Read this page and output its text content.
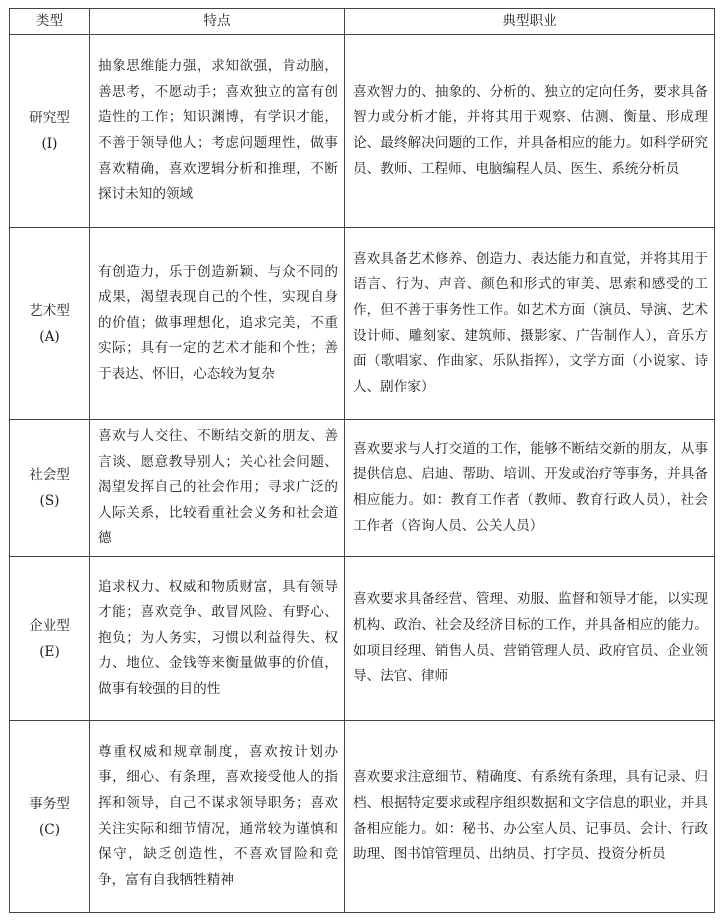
类型	特点	典型职业

研究型
(I)	抽象思维能力强，求知欲强，肯动脑，善思考，不愿动手；喜欢独立的富有创造性的工作；知识渊博，有学识才能，不善于领导他人；考虑问题理性，做事喜欢精确，喜欢逻辑分析和推理，不断探讨未知的领域	喜欢智力的、抽象的、分析的、独立的定向任务，要求具备智力或分析才能，并将其用于观察、估测、衡量、形成理论、最终解决问题的工作，并具备相应的能力。如科学研究员、教师、工程师、电脑编程人员、医生、系统分析员

艺术型
(A)	有创造力，乐于创造新颖、与众不同的成果，渴望表现自己的个性，实现自身的价值；做事理想化，追求完美，不重实际；具有一定的艺术才能和个性；善于表达、怀旧，心态较为复杂	喜欢具备艺术修养、创造力、表达能力和直觉，并将其用于语言、行为、声音、颜色和形式的审美、思索和感受的工作，但不善于事务性工作。如艺术方面（演员、导演、艺术设计师、雕刻家、建筑师、摄影家、广告制作人），音乐方面（歌唱家、作曲家、乐队指挥），文学方面（小说家、诗人、剧作家）

社会型
(S)	喜欢与人交往、不断结交新的朋友、善言谈、愿意教导别人；关心社会问题、渴望发挥自己的社会作用；寻求广泛的人际关系，比较看重社会义务和社会道德	喜欢要求与人打交道的工作，能够不断结交新的朋友，从事提供信息、启迪、帮助、培训、开发或治疗等事务，并具备相应能力。如：教育工作者（教师、教育行政人员），社会工作者（咨询人员、公关人员）

企业型
(E)	追求权力、权威和物质财富，具有领导才能；喜欢竞争、敢冒风险、有野心、抱负；为人务实，习惯以利益得失、权力、地位、金钱等来衡量做事的价值，做事有较强的目的性	喜欢要求具备经营、管理、劝服、监督和领导才能，以实现机构、政治、社会及经济目标的工作，并具备相应的能力。如项目经理、销售人员、营销管理人员、政府官员、企业领导、法官、律师

事务型
(C)	尊重权威和规章制度，喜欢按计划办事，细心、有条理，喜欢接受他人的指挥和领导，自己不谋求领导职务；喜欢关注实际和细节情况，通常较为谨慎和保守，缺乏创造性，不喜欢冒险和竞争，富有自我牺牲精神	喜欢要求注意细节、精确度、有系统有条理，具有记录、归档、根据特定要求或程序组织数据和文字信息的职业，并具备相应能力。如：秘书、办公室人员、记事员、会计、行政助理、图书馆管理员、出纳员、打字员、投资分析员
